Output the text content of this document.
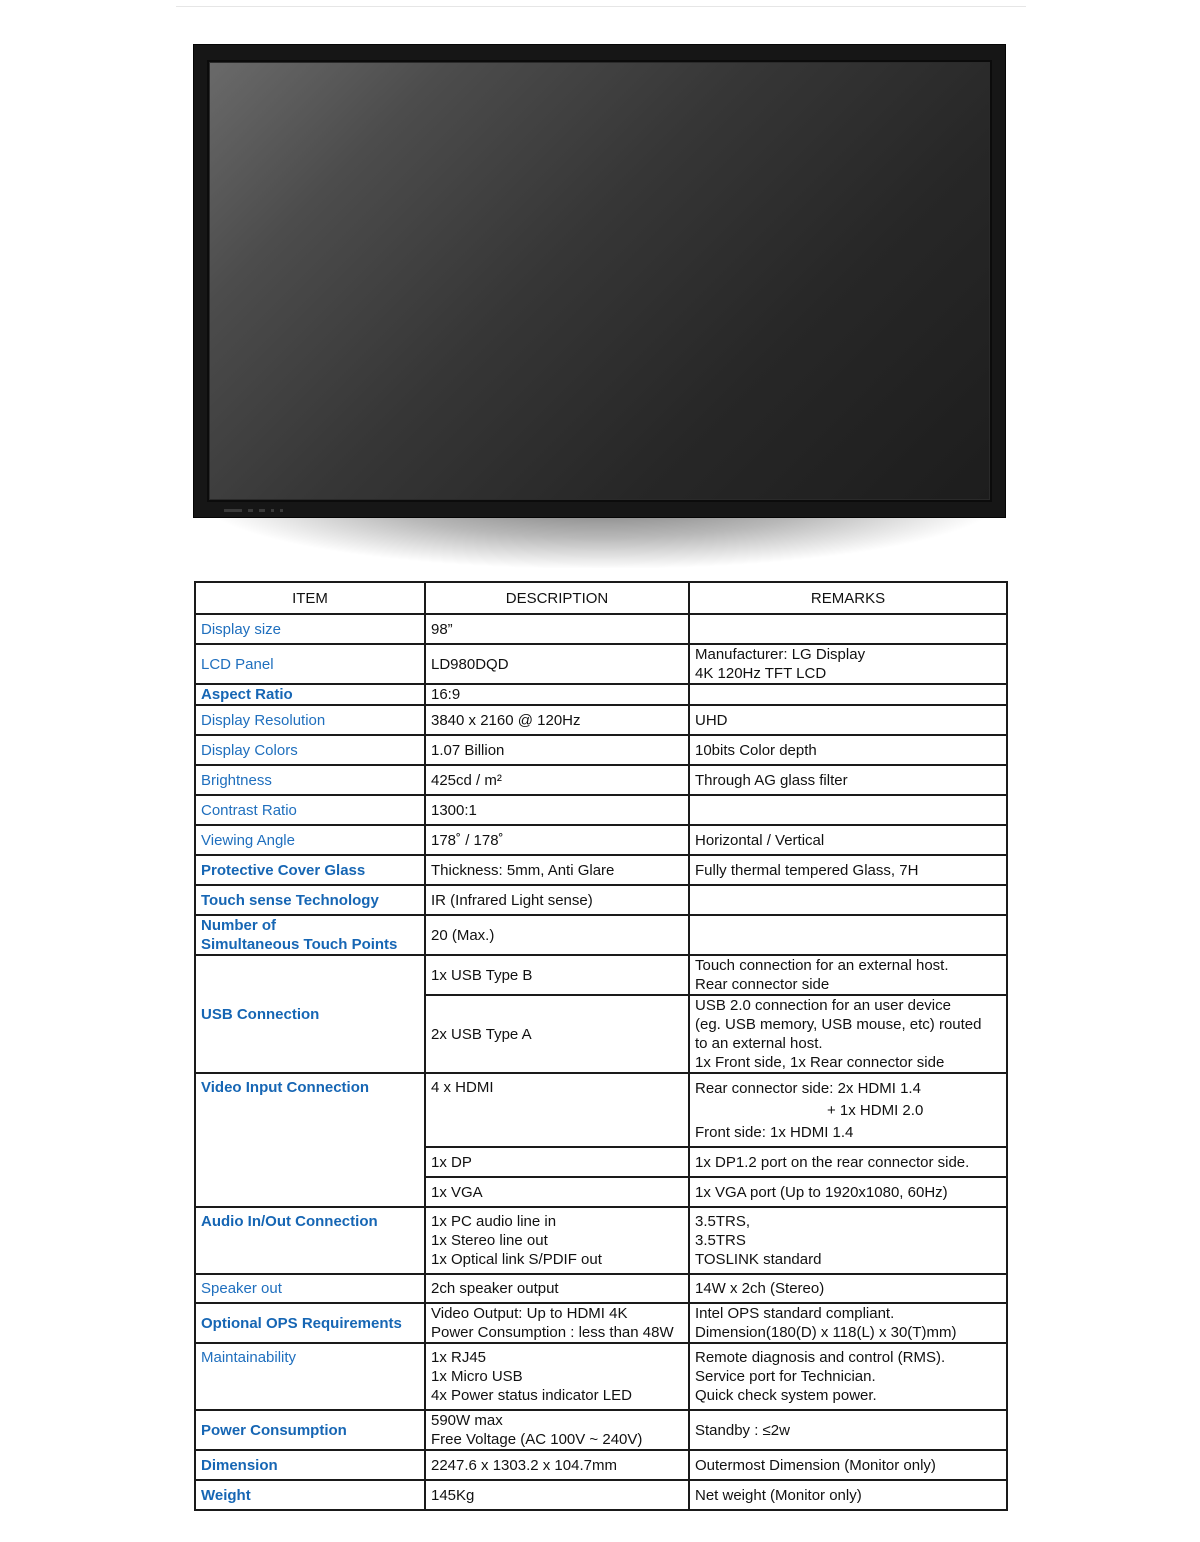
ITEM	DESCRIPTION	REMARKS
Display size	98”	
LCD Panel	LD980DQD	Manufacturer: LG Display
4K 120Hz TFT LCD

Aspect Ratio	16:9	
Display Resolution	3840 x 2160 @ 120Hz	UHD
Display Colors	1.07 Billion	10bits Color depth
Brightness	425cd / m²	Through AG glass filter
Contrast Ratio	1300:1	
Viewing Angle	178˚ / 178˚	Horizontal / Vertical
Protective Cover Glass	Thickness: 5mm, Anti Glare	Fully thermal tempered Glass, 7H
Touch sense Technology	IR (Infrared Light sense)	

Number of
Simultaneous Touch Points	20 (Max.)	
USB Connection	1x USB Type B	Touch connection for an external host.
Rear connector side

	2x USB Type A	USB 2.0 connection for an user device
(eg. USB memory, USB mouse, etc) routed
to an external host.
1x Front side, 1x Rear connector side

Video Input Connection	4 x HDMI	Rear connector side: 2x HDMI 1.4
+ 1x HDMI 2.0
Front side: 1x HDMI 1.4

	1x DP	1x DP1.2 port on the rear connector side.
	1x VGA	1x VGA port (Up to 1920x1080, 60Hz)
Audio In/Out Connection	1x PC audio line in
1x Stereo line out
1x Optical link S/PDIF out	3.5TRS,
3.5TRS
TOSLINK standard

Speaker out	2ch speaker output	14W x 2ch (Stereo)
Optional OPS Requirements	Video Output: Up to HDMI 4K
Power Consumption : less than 48W	Intel OPS standard compliant.
Dimension(180(D) x 118(L) x 30(T)mm)

Maintainability	1x RJ45
1x Micro USB
4x Power status indicator LED	Remote diagnosis and control (RMS).
Service port for Technician.
Quick check system power.

Power Consumption	590W max
Free Voltage (AC 100V ~ 240V)	Standby : ≤2w
Dimension	2247.6 x 1303.2 x 104.7mm	Outermost Dimension (Monitor only)
Weight	145Kg	Net weight (Monitor only)
